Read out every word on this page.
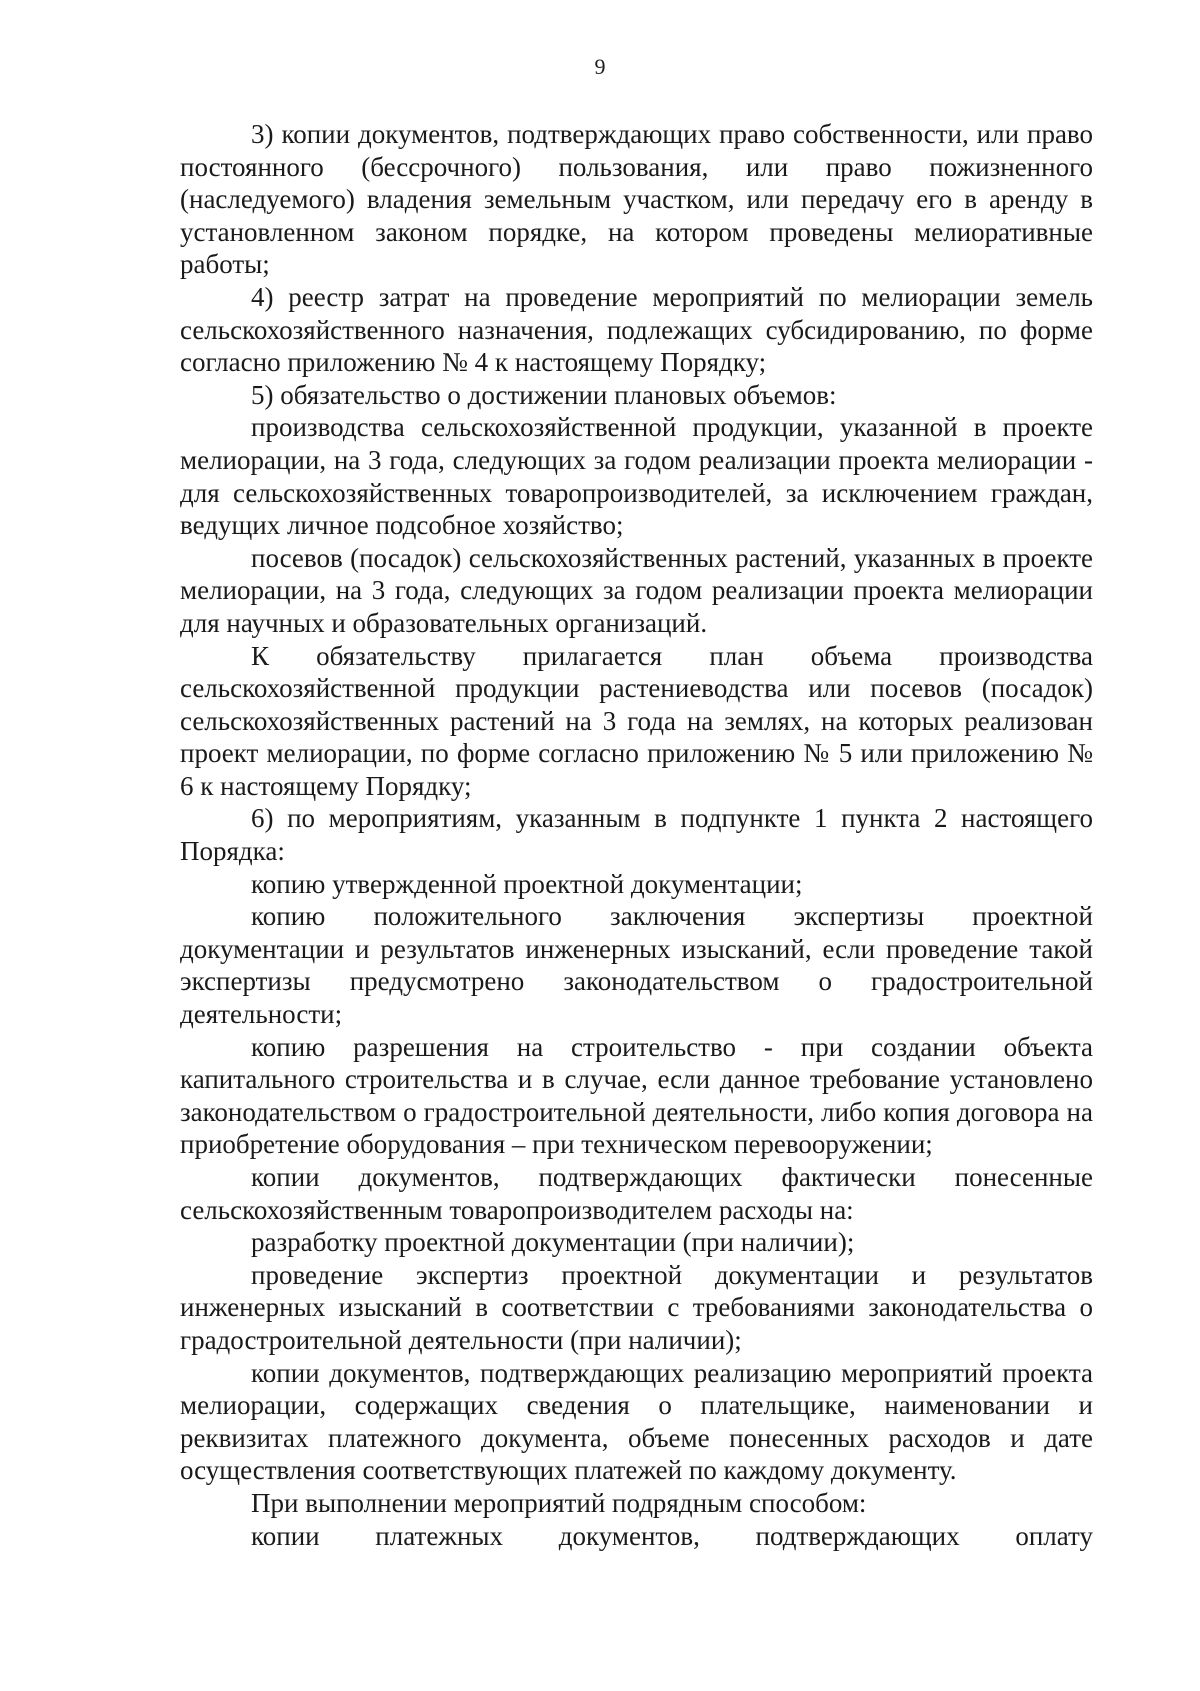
9

3) копии документов, подтверждающих право собственности, или право постоянного (бессрочного) пользования, или право пожизненного (наследуемого) владения земельным участком, или передачу его в аренду в установленном законом порядке, на котором проведены мелиоративные работы;

4) реестр затрат на проведение мероприятий по мелиорации земель сельскохозяйственного назначения, подлежащих субсидированию, по форме согласно приложению № 4 к настоящему Порядку;

5) обязательство о достижении плановых объемов:

производства сельскохозяйственной продукции, указанной в проекте мелиорации, на 3 года, следующих за годом реализации проекта мелиорации - для сельскохозяйственных товаропроизводителей, за исключением граждан, ведущих личное подсобное хозяйство;

посевов (посадок) сельскохозяйственных растений, указанных в проекте мелиорации, на 3 года, следующих за годом реализации проекта мелиорации для научных и образовательных организаций.

К обязательству прилагается план объема производства сельскохозяйственной продукции растениеводства или посевов (посадок) сельскохозяйственных растений на 3 года на землях, на которых реализован проект мелиорации, по форме согласно приложению № 5 или приложению № 6 к настоящему Порядку;

6) по мероприятиям, указанным в подпункте 1 пункта 2 настоящего Порядка:

копию утвержденной проектной документации;

копию положительного заключения экспертизы проектной документации и результатов инженерных изысканий, если проведение такой экспертизы предусмотрено законодательством о градостроительной деятельности;

копию разрешения на строительство - при создании объекта капитального строительства и в случае, если данное требование установлено законодательством о градостроительной деятельности, либо копия договора на приобретение оборудования – при техническом перевооружении;

копии документов, подтверждающих фактически понесенные сельскохозяйственным товаропроизводителем расходы на:

разработку проектной документации (при наличии);

проведение экспертиз проектной документации и результатов инженерных изысканий в соответствии с требованиями законодательства о градостроительной деятельности (при наличии);

копии документов, подтверждающих реализацию мероприятий проекта мелиорации, содержащих сведения о плательщике, наименовании и реквизитах платежного документа, объеме понесенных расходов и дате осуществления соответствующих платежей по каждому документу.

При выполнении мероприятий подрядным способом:

копии платежных документов, подтверждающих оплату
